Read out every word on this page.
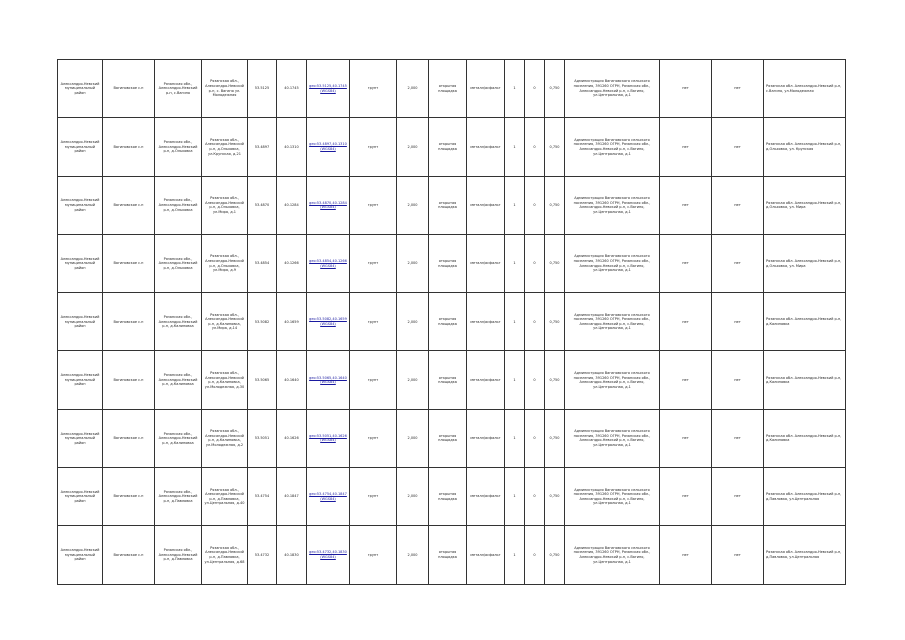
Александро-Невский муниципальный район	Вагиновское с.п	Рязанская обл., Александро-Невский р-н, с.Вагино	Рязанская обл., Александро-Невский р-н, с. Вагино ул. Молодежная	53.5125	40.1745	geo:53.5125,40.1745 (WGS84)	грунт	2,000	открытая площадка	металл/асфальт	1	0	0,750	Администрация Вагиновского сельского поселения, 391260 ОГРН, Рязанская обл., Александро-Невский р-н, с.Вагино, ул.Центральная, д.1	нет	нет	Рязанская обл. Александро-Невский р-н, с.Вагино, ул.Молодежная
Александро-Невский муниципальный район	Вагиновское с.п	Рязанская обл., Александро-Невский р-н, д.Ольховка	Рязанская обл., Александро-Невский р-н, д.Ольховка, ул.Крупская, д.21	53.4897	40.1310	geo:53.4897,40.1310 (WGS84)	грунт	2,000	открытая площадка	металл/асфальт	1	0	0,750	Администрация Вагиновского сельского поселения, 391260 ОГРН, Рязанская обл., Александро-Невский р-н, с.Вагино, ул.Центральная, д.1	нет	нет	Рязанская обл. Александро-Невский р-н, д.Ольховка, ул. Крупская
Александро-Невский муниципальный район	Вагиновское с.п	Рязанская обл., Александро-Невский р-н, д.Ольховка	Рязанская обл., Александро-Невский р-н, д.Ольховка, ул.Мира, д.1	53.4870	40.1284	geo:53.4870,40.1284 (WGS84)	грунт	2,000	открытая площадка	металл/асфальт	1	0	0,750	Администрация Вагиновского сельского поселения, 391260 ОГРН, Рязанская обл., Александро-Невский р-н, с.Вагино, ул.Центральная, д.1	нет	нет	Рязанская обл. Александро-Невский р-н, д.Ольховка, ул. Мира
Александро-Невский муниципальный район	Вагиновское с.п	Рязанская обл., Александро-Невский р-н, д.Ольховка	Рязанская обл., Александро-Невский р-н, д.Ольховка, ул.Мира, д.9	53.4854	40.1266	geo:53.4854,40.1266 (WGS84)	грунт	2,000	открытая площадка	металл/асфальт	1	0	0,750	Администрация Вагиновского сельского поселения, 391260 ОГРН, Рязанская обл., Александро-Невский р-н, с.Вагино, ул.Центральная, д.1	нет	нет	Рязанская обл. Александро-Невский р-н, д.Ольховка, ул. Мира
Александро-Невский муниципальный район	Вагиновское с.п	Рязанская обл., Александро-Невский р-н, д.Калиновка	Рязанская обл., Александро-Невский р-н, д.Калиновка, ул.Мира, д.14	53.5082	40.1659	geo:53.5082,40.1659 (WGS84)	грунт	2,000	открытая площадка	металл/асфальт	1	0	0,750	Администрация Вагиновского сельского поселения, 391260 ОГРН, Рязанская обл., Александро-Невский р-н, с.Вагино, ул.Центральная, д.1	нет	нет	Рязанская обл. Александро-Невский р-н, д.Калиновка
Александро-Невский муниципальный район	Вагиновское с.п	Рязанская обл., Александро-Невский р-н, д.Калиновка	Рязанская обл., Александро-Невский р-н, д.Калиновка, ул.Молодежная, д.30	53.5065	40.1640	geo:53.5065,40.1640 (WGS84)	грунт	2,000	открытая площадка	металл/асфальт	1	0	0,750	Администрация Вагиновского сельского поселения, 391260 ОГРН, Рязанская обл., Александро-Невский р-н, с.Вагино, ул.Центральная, д.1	нет	нет	Рязанская обл. Александро-Невский р-н, д.Калиновка
Александро-Невский муниципальный район	Вагиновское с.п	Рязанская обл., Александро-Невский р-н, д.Калиновка	Рязанская обл., Александро-Невский р-н, д.Калиновка, ул.Молодежная, д.2	53.5051	40.1626	geo:53.5051,40.1626 (WGS84)	грунт	2,000	открытая площадка	металл/асфальт	1	0	0,750	Администрация Вагиновского сельского поселения, 391260 ОГРН, Рязанская обл., Александро-Невский р-н, с.Вагино, ул.Центральная, д.1	нет	нет	Рязанская обл. Александро-Невский р-н, д.Калиновка
Александро-Невский муниципальный район	Вагиновское с.п	Рязанская обл., Александро-Невский р-н, д.Павловка	Рязанская обл., Александро-Невский р-н, д.Павловка, ул.Центральная, д.40	53.4754	40.1847	geo:53.4754,40.1847 (WGS84)	грунт	2,000	открытая площадка	металл/асфальт	1	0	0,750	Администрация Вагиновского сельского поселения, 391260 ОГРН, Рязанская обл., Александро-Невский р-н, с.Вагино, ул.Центральная, д.1	нет	нет	Рязанская обл. Александро-Невский р-н, д.Павловка, ул.Центральная
Александро-Невский муниципальный район	Вагиновское с.п	Рязанская обл., Александро-Невский р-н, д.Павловка	Рязанская обл., Александро-Невский р-н, д.Павловка, ул.Центральная, д.68	53.4732	40.1830	geo:53.4732,40.1830 (WGS84)	грунт	2,000	открытая площадка	металл/асфальт	1	0	0,750	Администрация Вагиновского сельского поселения, 391260 ОГРН, Рязанская обл., Александро-Невский р-н, с.Вагино, ул.Центральная, д.1	нет	нет	Рязанская обл. Александро-Невский р-н, д.Павловка, ул.Центральная
